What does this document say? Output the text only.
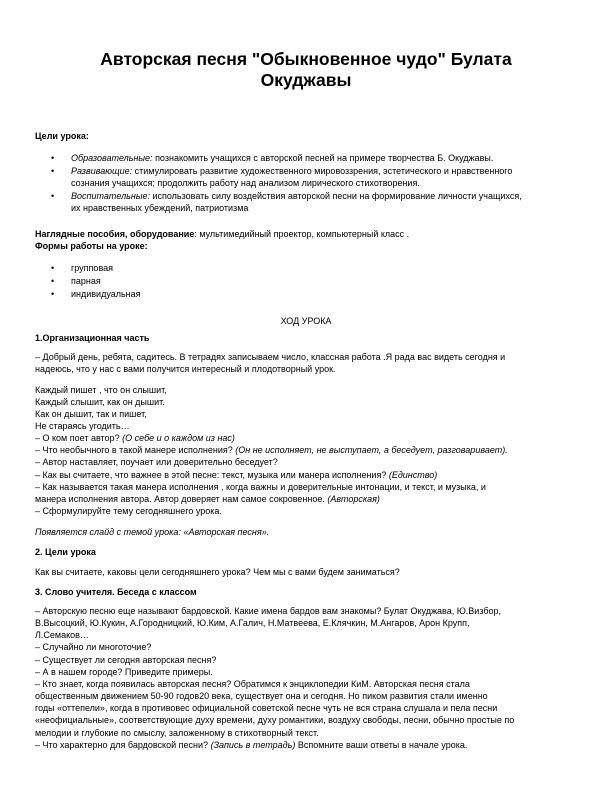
Авторская песня "Обыкновенное чудо" Булата
Окуджавы
Цели урока:
• Образовательные: познакомить учащихся с авторской песней на примере творчества Б. Окуджавы.
• Развивающие: стимулировать развитие художественного мировоззрения, эстетического и нравственного
сознания учащихся; продолжить работу над анализом лирического стихотворения.
• Воспитательные: использовать силу воздействия авторской песни на формирование личности учащихся,
их нравственных убеждений, патриотизма
Наглядные пособия, оборудование: мультимедийный проектор, компьютерный класс .
Формы работы на уроке:
• групповая
• парная
• индивидуальная
ХОД УРОКА
1.Организационная часть
– Добрый день, ребята, садитесь. В тетрадях записываем число, классная работа .Я рада вас видеть сегодня и
надеюсь, что у нас с вами получится интересный и плодотворный урок.
Каждый пишет , что он слышит,
Каждый слышит, как он дышит.
Как он дышит, так и пишет,
Не стараясь угодить…
– О ком поет автор? (О себе и о каждом из нас)
– Что необычного в такой манере исполнения? (Он не исполняет, не выступает, а беседует, разговаривает).
– Автор наставляет, поучает или доверительно беседует?
– Как вы считаете, что важнее в этой песне: текст, музыка или манера исполнения? (Единство)
– Как называется такая манера исполнения , когда важны и доверительные интонации, и текст, и музыка, и
манера исполнения автора. Автор доверяет нам самое сокровенное. (Авторская)
– Сформулируйте тему сегодняшнего урока.
Появляется слайд с темой урока: «Авторская песня».
2. Цели урока
Как вы считаете, каковы цели сегодняшнего урока? Чем мы с вами будем заниматься?
3. Слово учителя. Беседа с классом
– Авторскую песню еще называют бардовской. Какие имена бардов вам знакомы? Булат Окуджава, Ю.Визбор,
В.Высоцкий, Ю.Кукин, А.Городницкий, Ю.Ким, А.Галич, Н.Матвеева, Е.Клячкин, М.Ангаров, Арон Крупп,
Л.Семаков…
– Случайно ли многоточие?
– Существует ли сегодня авторская песня?
– А в нашем городе? Приведите примеры.
– Кто знает, когда появилась авторская песня? Обратимся к энциклопедии КиМ. Авторская песня стала
общественным движением 50-90 годов20 века, существует она и сегодня. Но пиком развития стали именно
годы «оттепели», когда в противовес официальной советской песне чуть не вся страна слушала и пела песни
«неофициальные», соответствующие духу времени, духу романтики, воздуху свободы, песни, обычно простые по
мелодии и глубокие по смыслу, заложенному в стихотворный текст.
– Что характерно для бардовской песни? (Запись в тетрадь) Вспомните ваши ответы в начале урока.
